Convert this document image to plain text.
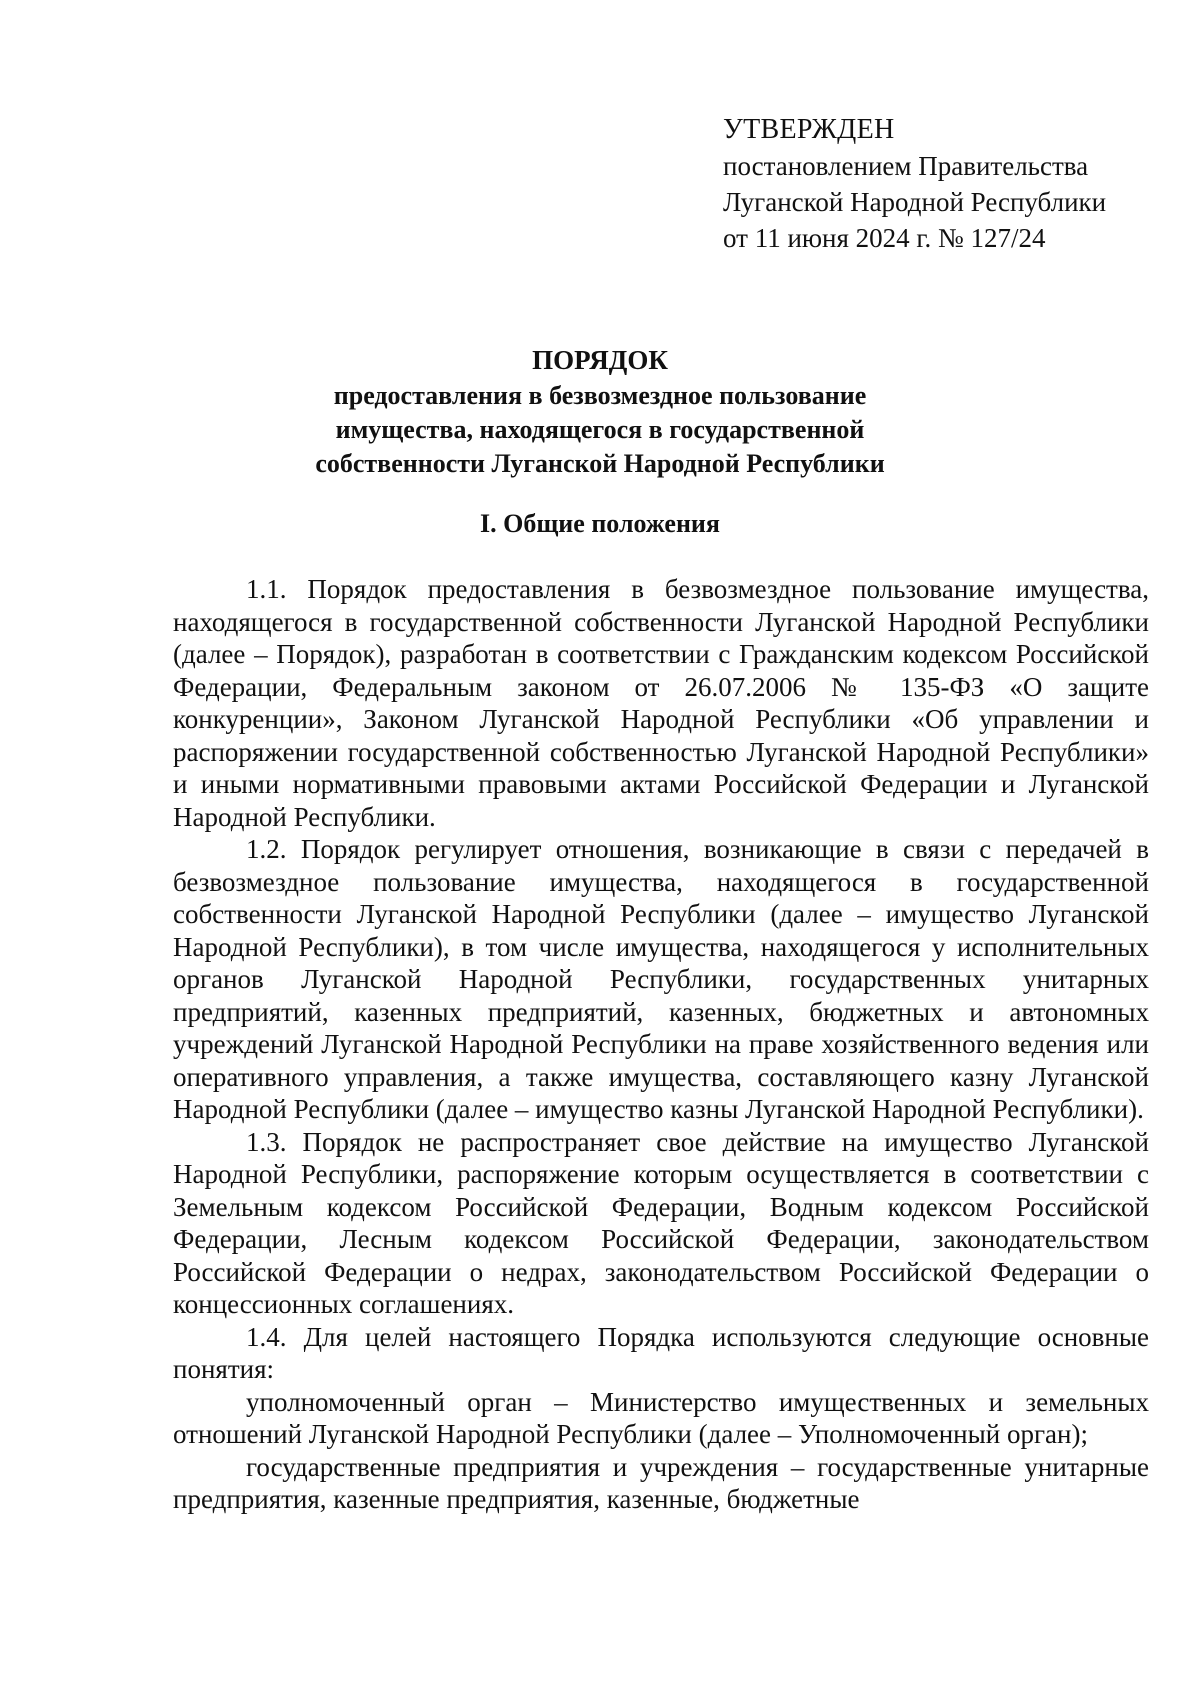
УТВЕРЖДЕН
постановлением Правительства
Луганской Народной Республики
от 11 июня 2024 г. № 127/24
ПОРЯДОК
предоставления в безвозмездное пользование
имущества, находящегося в государственной
собственности Луганской Народной Республики
I. Общие положения

1.1. Порядок предоставления в безвозмездное пользование имущества, находящегося в государственной собственности Луганской Народной Республики (далее – Порядок), разработан в соответствии с Гражданским кодексом Российской Федерации, Федеральным законом от 26.07.2006 № 135-ФЗ «О защите конкуренции», Законом Луганской Народной Республики «Об управлении и распоряжении государственной собственностью Луганской Народной Республики» и иными нормативными правовыми актами Российской Федерации и Луганской Народной Республики.

1.2. Порядок регулирует отношения, возникающие в связи с передачей в безвозмездное пользование имущества, находящегося в государственной собственности Луганской Народной Республики (далее – имущество Луганской Народной Республики), в том числе имущества, находящегося у исполнительных органов Луганской Народной Республики, государственных унитарных предприятий, казенных предприятий, казенных, бюджетных и автономных учреждений Луганской Народной Республики на праве хозяйственного ведения или оперативного управления, а также имущества, составляющего казну Луганской Народной Республики (далее – имущество казны Луганской Народной Республики).

1.3. Порядок не распространяет свое действие на имущество Луганской Народной Республики, распоряжение которым осуществляется в соответствии с Земельным кодексом Российской Федерации, Водным кодексом Российской Федерации, Лесным кодексом Российской Федерации, законодательством Российской Федерации о недрах, законодательством Российской Федерации о концессионных соглашениях.

1.4. Для целей настоящего Порядка используются следующие основные понятия:

уполномоченный орган – Министерство имущественных и земельных отношений Луганской Народной Республики (далее – Уполномоченный орган);

государственные предприятия и учреждения – государственные унитарные предприятия, казенные предприятия, казенные, бюджетные
